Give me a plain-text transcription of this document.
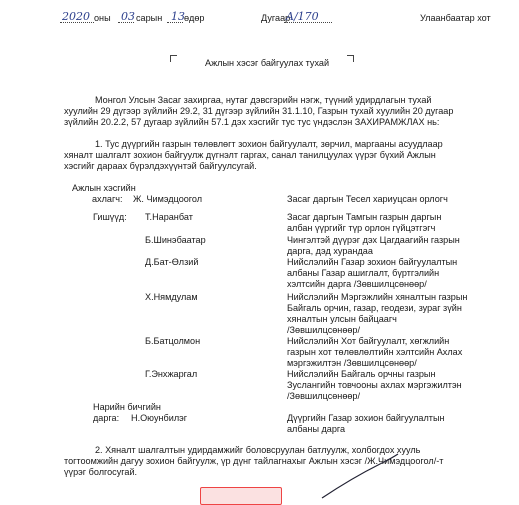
2020 оны 03 сарын 13 өдөр	Дугаар
A/170	Улаанбаатар хот
Ажлын хэсэг байгуулах тухай
Монгол Улсын Засаг захиргаа, нутаг дэвсгэрийн нэгж, түүний удирдлагын тухай
хуулийн 29 дүгээр зүйлийн 29.2, 31 дүгээр зүйлийн 31.1.10, Газрын тухай хуулийн 20 дугаар
зүйлийн 20.2.2, 57 дугаар зүйлийн 57.1 дэх хэсгийг тус тус үндэслэн ЗАХИРАМЖЛАХ нь:
1. Тус дүүргийн газрын төлөвлөгт зохион байгуулалт, зөрчил, маргааны асуудлаар
хяналт шалгалт зохион байгуулж дүгнэлт гаргах, санал танилцуулах үүрэг бүхий Ажлын
хэсгийг дараах бүрэлдэхүүнтэй байгуулсугай.
Ажлын хэсгийн
ахлагч: Ж. Чимэдцоогол	Засаг даргын Тесел хариуцсан орлогч
Гишүүд: Т.Наранбат	Засаг даргын Тамгын газрын даргын
албан үүргийг түр орлон гүйцэтгэгч
Б.Шинэбаатар	Чингэлтэй дүүрэг дэх Цагдаагийн газрын
дарга, дэд хурандаа
Д.Бат-Өлзий	Нийслэлийн Газар зохион байгуулалтын
албаны Газар ашиглалт, бүртгэлийн
хэлтсийн дарга /Зөвшилцсөнөөр/
Х.Нямдулам	Нийслэлийн Мэргэжлийн хяналтын газрын
Байгаль орчин, газар, геодези, зураг зүйн
хяналтын улсын байцаагч
/Зөвшилцсөнөөр/
Б.Батцолмон	Нийслэлийн Хот байгуулалт, хөгжлийн
газрын хот төлөвлөлтийн хэлтсийн Ахлах
мэргэжилтэн /Зөвшилцсөнөөр/
Г.Энхжаргал	Нийслэлийн Байгаль орчны газрын
Зуслангийн товчооны ахлах мэргэжилтэн
/Зөвшилцсөнөөр/
Нарийн бичгийн
дарга: Н.Оюунбилэг	Дүүргийн Газар зохион байгуулалтын
албаны дарга
2. Хяналт шалгалтын удирдамжийг боловсруулан батлуулж, холбогдох хууль
тогтоомжийн дагуу зохион байгуулж, үр дүнг тайлагнахыг Ажлын хэсэг /Ж.Чимэдцоогол/-т
үүрэг болгосугай.
